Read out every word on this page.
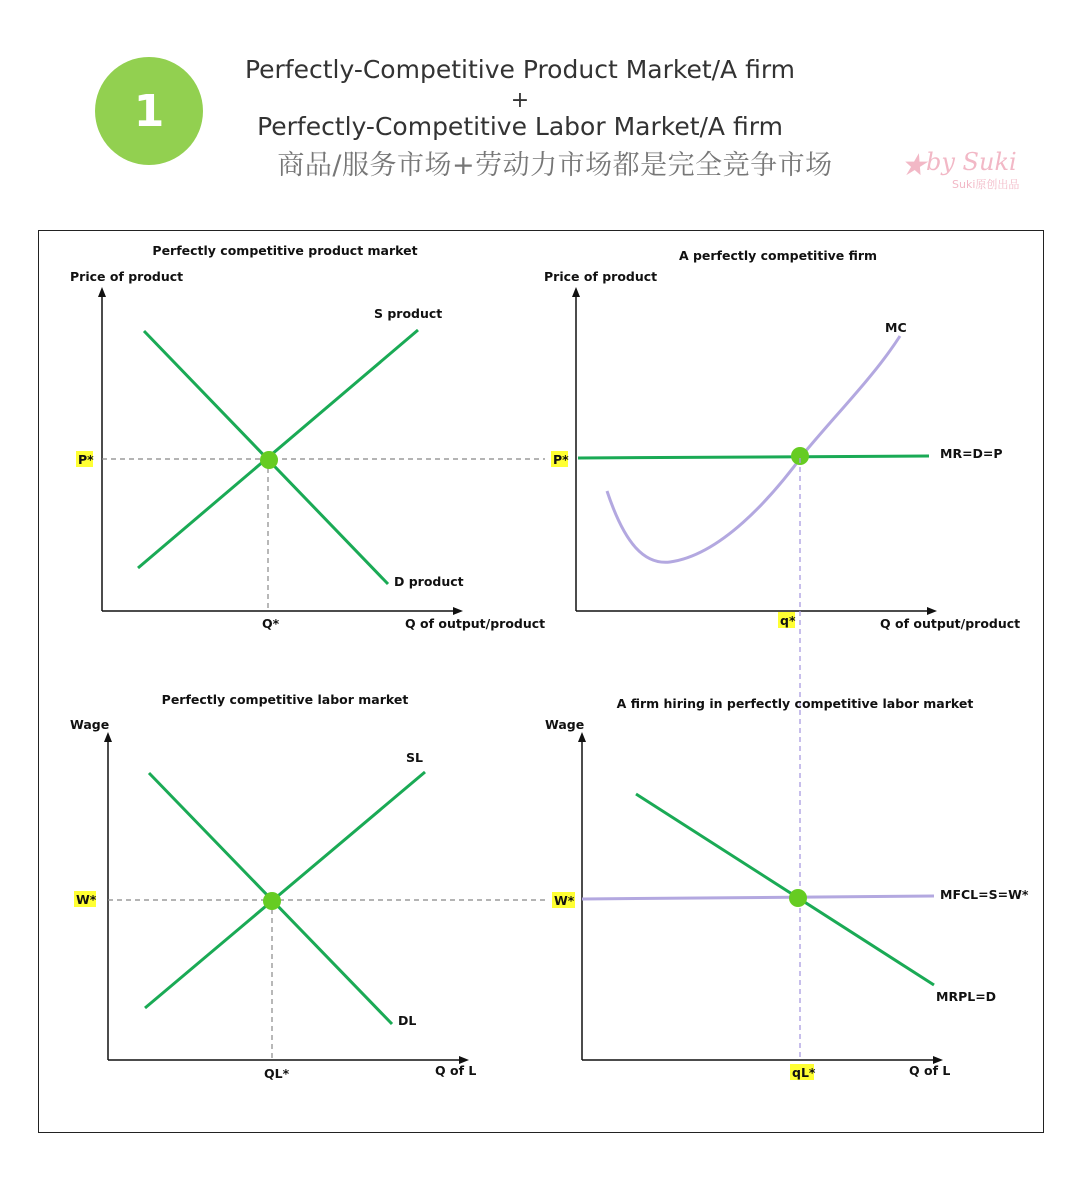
1
Perfectly-Competitive Product Market/A firm
+
Perfectly-Competitive Labor Market/A firm
商品/服务市场+劳动力市场都是完全竞争市场	★ by Suki
Suki原创出品
Perfectly competitive product market
Price of product
Q of output/product
S product
D product
P*
Q*
A perfectly competitive firm
Price of product
Q of output/product
MC
MR=D=P
P*
q*
Perfectly competitive labor market
Wage
Q of L
SL
DL
W*
QL*
A firm hiring in perfectly competitive labor market
Wage
Q of L
MFCL=S=W*
MRPL=D
W*
qL*
